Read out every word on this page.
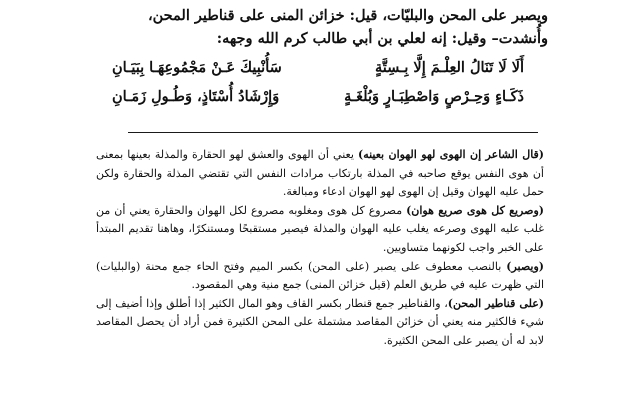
ويصبر على المحن والبليّات، قيل: خزائن المنى على قناطير المحن،
وأُنشدت– وقيل: إنه لعلي بن أبي طالب كرم الله وجهه:
أَلَا لَا تَنَالُ العِلْـمَ إِلَّا بِـسِتَّةٍ
سَأُنْبِيكَ عَـنْ مَجْمُوعِهَـا بِبَيَـانِ
ذَكَـاءٍ وَحِـرْصٍ وَاصْطِبَـارٍ وَبُلْغَـةٍ
وَإِرْشَادُ أُسْتَاذٍ، وَطُـولِ زَمَـانِ

(قال الشاعر إن الهوى لهو الهوان بعينه) يعني أن الهوى والعشق لهو الحقارة والمذلة بعينها بمعنى أن هوى النفس يوقع صاحبه في المذلة بارتكاب مرادات النفس التي تقتضي المذلة والحقارة ولكن حمل عليه الهوان وقيل إن الهوى لهو الهوان ادعاء ومبالغة.

(وصريع كل هوى صريع هوان) مصروع كل هوى ومغلوبه مصروع لكل الهوان والحقارة يعني أن من غلب عليه الهوى وصرعه يغلب عليه الهوان والمذلة فيصير مستقبحًا ومستنكرًا، وهاهنا تقديم المبتدأ على الخبر واجب لكونهما متساويين.

(ويصبر) بالنصب معطوف على يصبر (على المحن) بكسر الميم وفتح الحاء جمع محنة (والبليات) التي ظهرت عليه في طريق العلم (قيل خزائن المنى) جمع منية وهي المقصود.

(على قناطير المحن)، والقناطير جمع قنطار بكسر القاف وهو المال الكثير إذا أطلق وإذا أضيف إلى شيء فالكثير منه يعني أن خزائن المقاصد مشتملة على المحن الكثيرة فمن أراد أن يحصل المقاصد لابد له أن يصبر على المحن الكثيرة.
